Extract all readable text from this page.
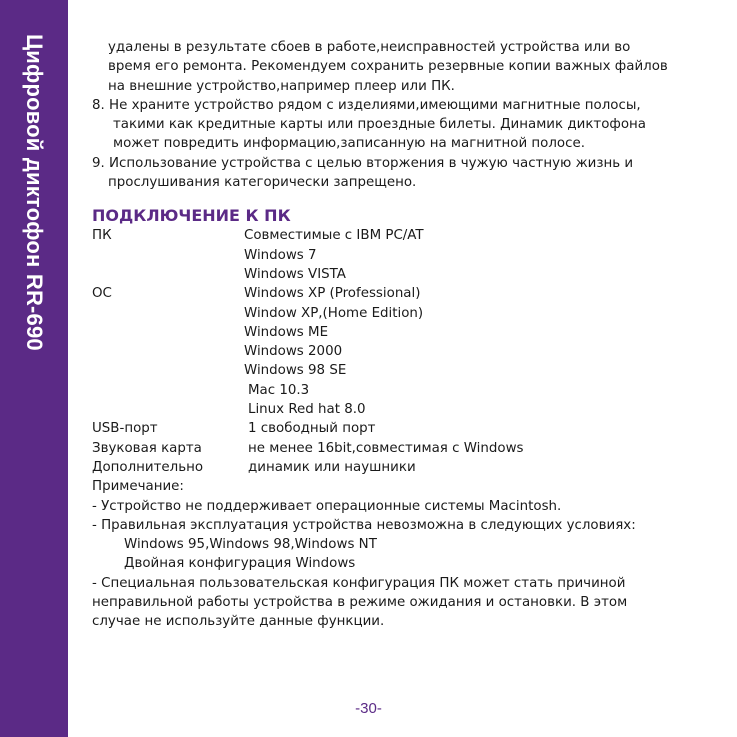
Цифровой диктофон RR-690	удалены в результате сбоев в работе,неисправностей устройства или во
время его ремонта. Рекомендуем сохранить резервные копии важных файлов
на внешние устройство,например плеер или ПК.
8. Не храните устройство рядом с изделиями,имеющими магнитные полосы,
такими как кредитные карты или проездные билеты. Динамик диктофона
может повредить информацию,записанную на магнитной полосе.
9. Использование устройства с целью вторжения в чужую частную жизнь и
прослушивания категорически запрещено.
ПОДКЛЮЧЕНИЕ К ПК
ПК	Совместимые с IBM PC/AT
Windows 7
Windows VISTA
ОС	Windows XP (Professional)
Window XP,(Home Edition)
Windows ME
Windows 2000
Windows 98 SE
Mac 10.3
Linux Red hat 8.0
USB-порт	1 свободный порт
Звуковая карта	не менее 16bit,совместимая с Windows
Дополнительно	динамик или наушники
Примечание:
- Устройство не поддерживает операционные системы Macintosh.
- Правильная эксплуатация устройства невозможна в следующих условиях:
Windows 95,Windows 98,Windows NT
Двойная конфигурация Windows
- Специальная пользовательская конфигурация ПК может стать причиной
неправильной работы устройства в режиме ожидания и остановки. В этом
случае не используйте данные функции.
-30-
